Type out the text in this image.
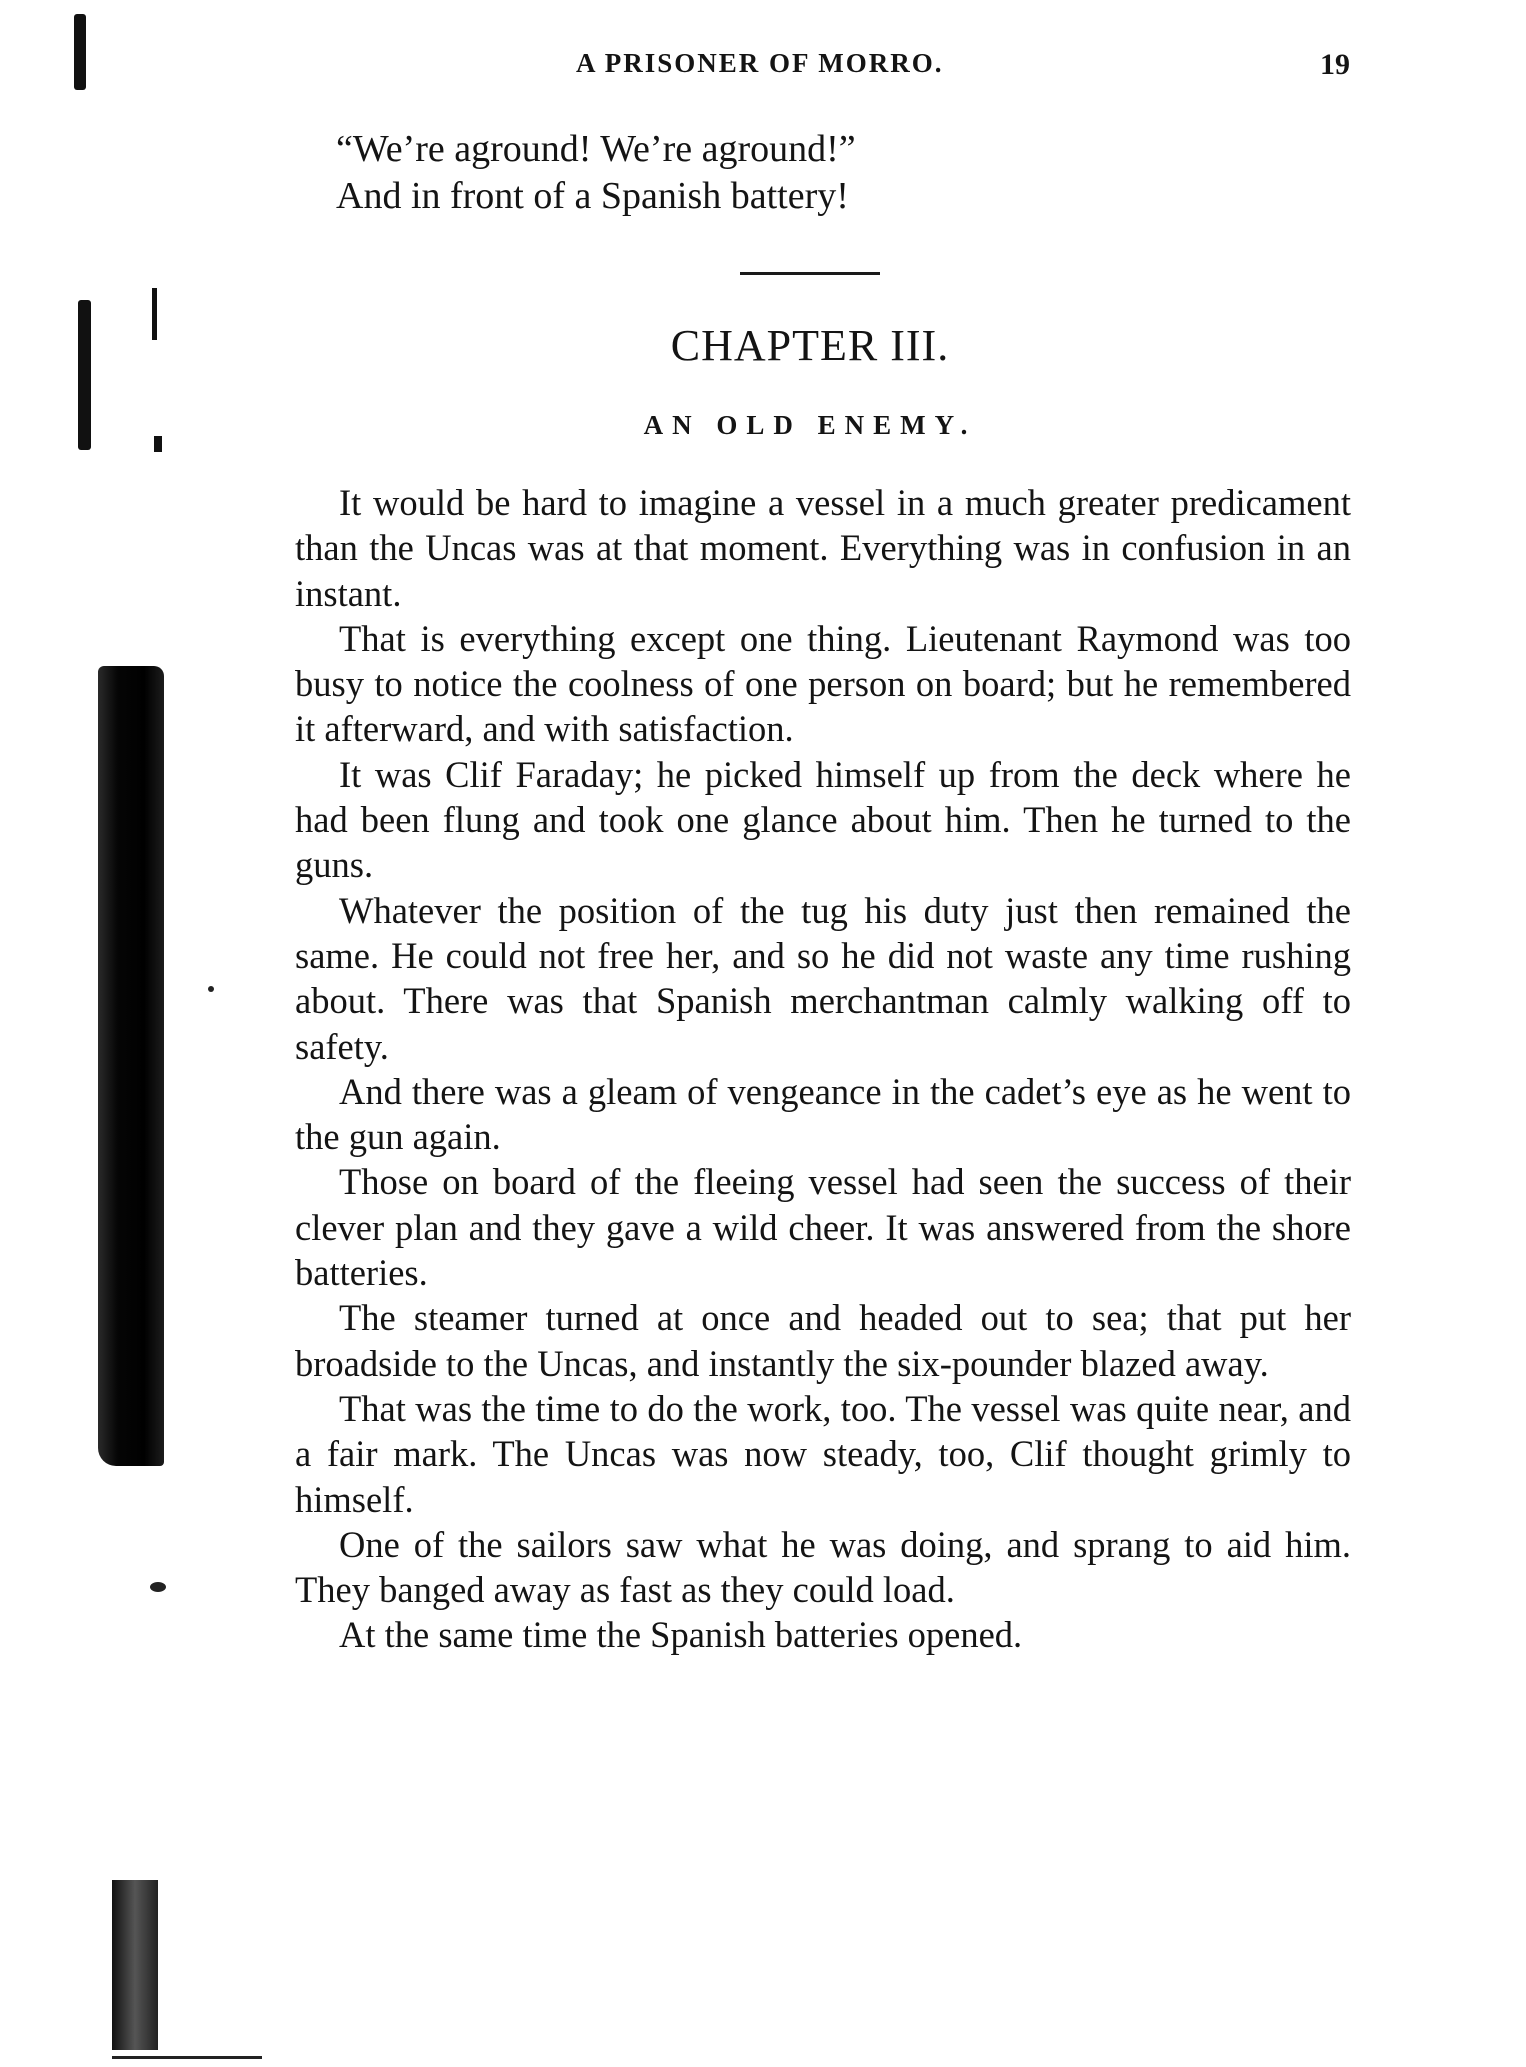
A PRISONER OF MORRO.	19
“We’re aground! We’re aground!”
And in front of a Spanish battery!
CHAPTER III.
AN OLD ENEMY.

It would be hard to imagine a vessel in a much greater predicament than the Uncas was at that moment. Everything was in confusion in an instant.

That is everything except one thing. Lieutenant Raymond was too busy to notice the coolness of one person on board; but he remembered it afterward, and with satisfaction.

It was Clif Faraday; he picked himself up from the deck where he had been flung and took one glance about him. Then he turned to the guns.

Whatever the position of the tug his duty just then remained the same. He could not free her, and so he did not waste any time rushing about. There was that Spanish merchantman calmly walking off to safety.

And there was a gleam of vengeance in the cadet’s eye as he went to the gun again.

Those on board of the fleeing vessel had seen the success of their clever plan and they gave a wild cheer. It was answered from the shore batteries.

The steamer turned at once and headed out to sea; that put her broadside to the Uncas, and instantly the six-pounder blazed away.

That was the time to do the work, too. The vessel was quite near, and a fair mark. The Uncas was now steady, too, Clif thought grimly to himself.

One of the sailors saw what he was doing, and sprang to aid him. They banged away as fast as they could load.

At the same time the Spanish batteries opened.
